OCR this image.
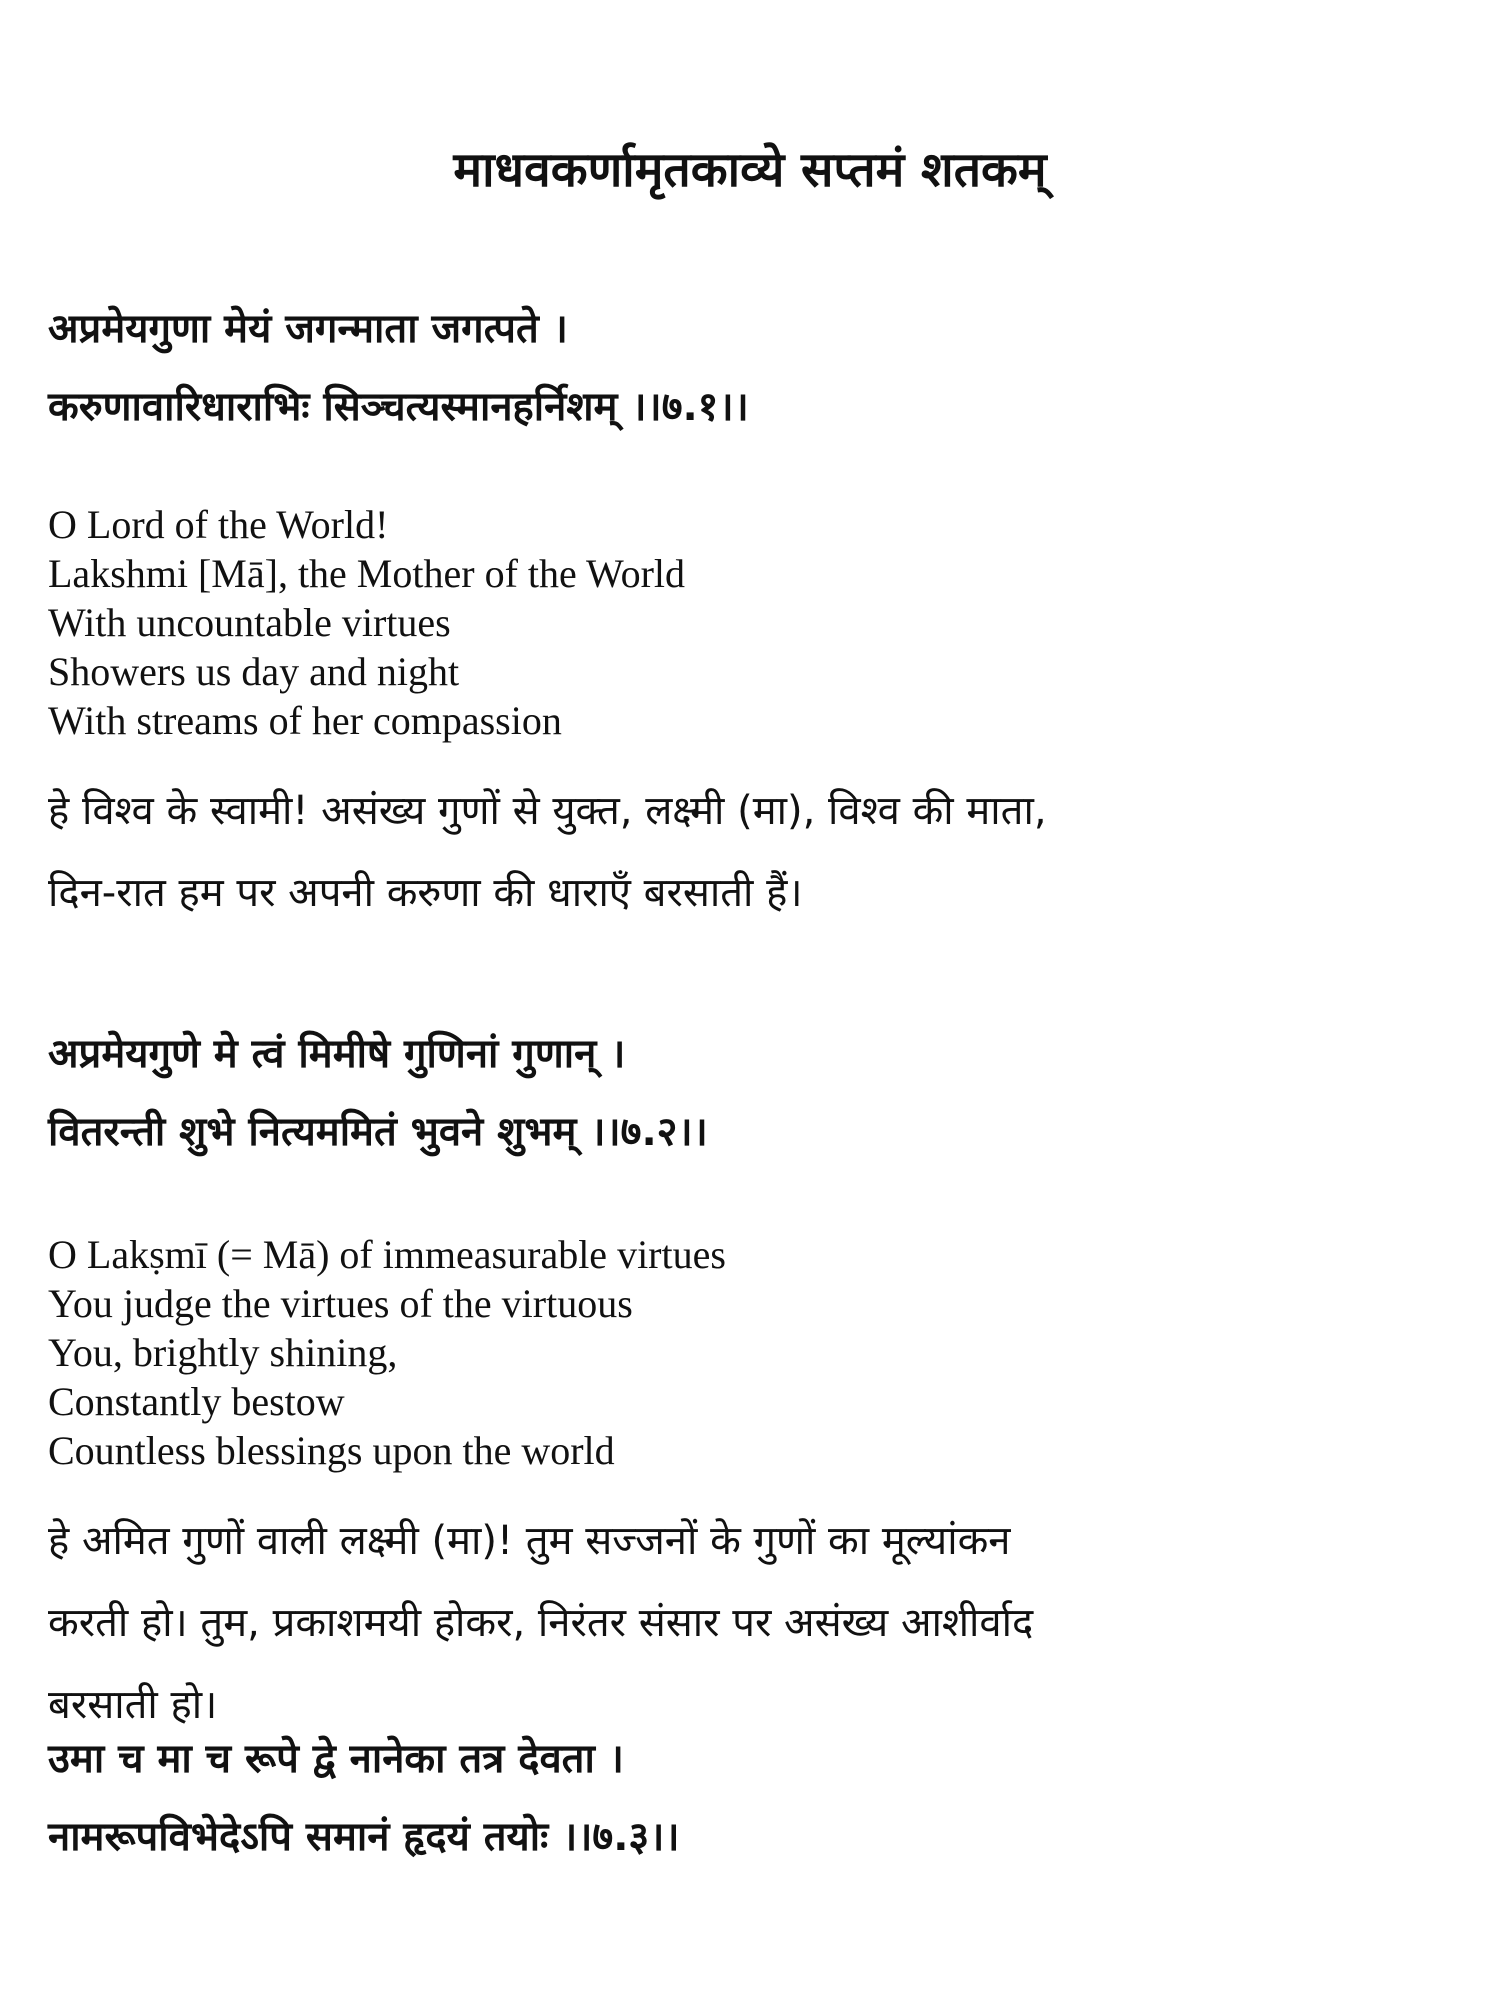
माधवकर्णामृतकाव्ये सप्तमं शतकम्
अप्रमेयगुणा मेयं जगन्माता जगत्पते ।
करुणावारिधाराभिः सिञ्चत्यस्मानहर्निशम् ।।७.१।।
O Lord of the World!
Lakshmi [Mā], the Mother of the World
With uncountable virtues
Showers us day and night
With streams of her compassion
हे विश्व के स्वामी! असंख्य गुणों से युक्त, लक्ष्मी (मा), विश्व की माता,
दिन-रात हम पर अपनी करुणा की धाराएँ बरसाती हैं।
अप्रमेयगुणे मे त्वं मिमीषे गुणिनां गुणान् ।
वितरन्ती शुभे नित्यममितं भुवने शुभम् ।।७.२।।
O Lakṣmī (= Mā) of immeasurable virtues
You judge the virtues of the virtuous
You, brightly shining,
Constantly bestow
Countless blessings upon the world
हे अमित गुणों वाली लक्ष्मी (मा)! तुम सज्जनों के गुणों का मूल्यांकन
करती हो। तुम, प्रकाशमयी होकर, निरंतर संसार पर असंख्य आशीर्वाद
बरसाती हो।
उमा च मा च रूपे द्वे नानेका तत्र देवता ।
नामरूपविभेदेऽपि समानं हृदयं तयोः ।।७.३।।
